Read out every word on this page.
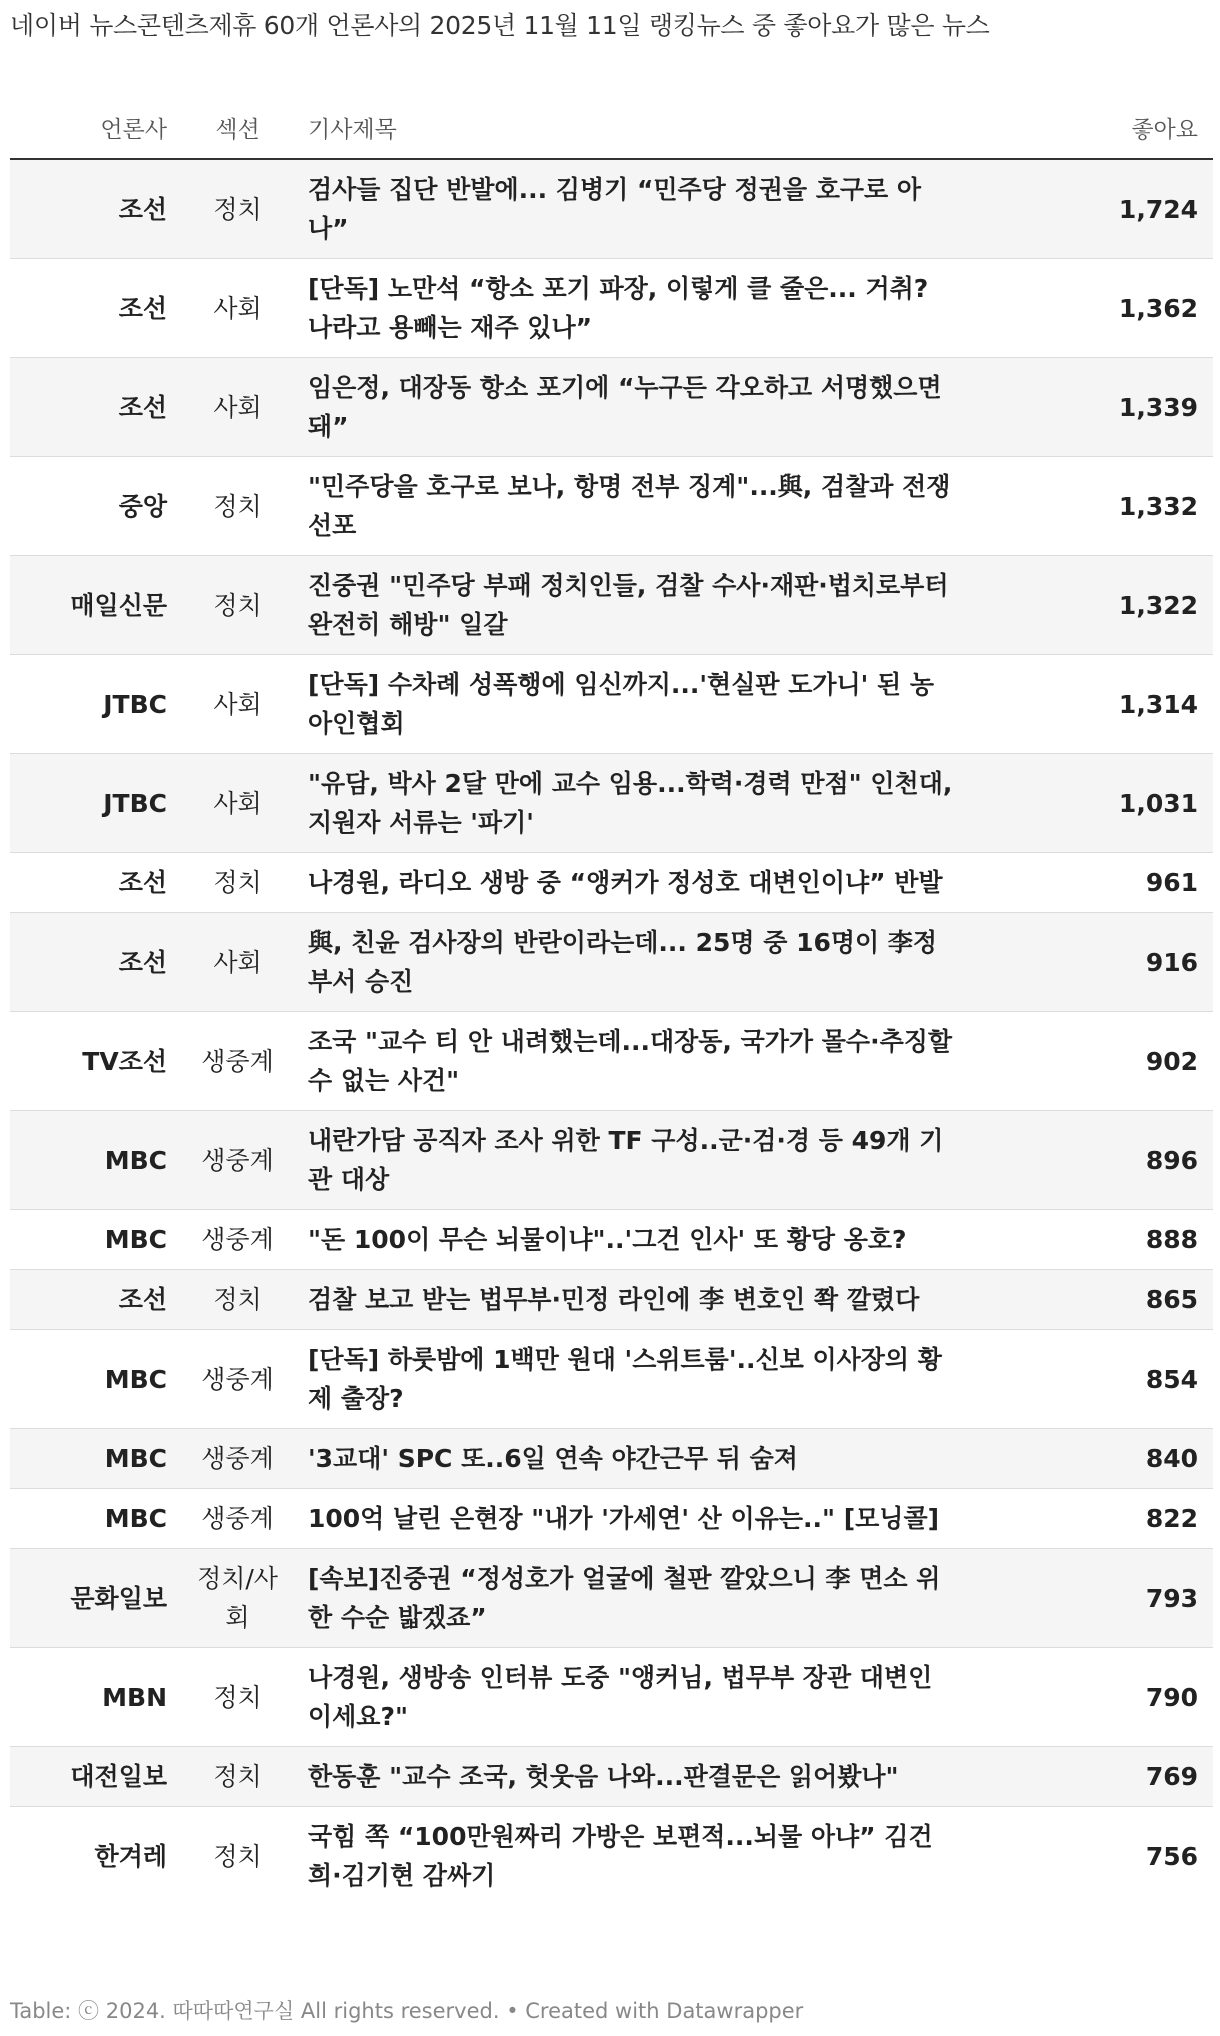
네이버 뉴스콘텐츠제휴 60개 언론사의 2025년 11월 11일 랭킹뉴스 중 좋아요가 많은 뉴스
언론사	섹션	기사제목	좋아요
조선	정치	검사들 집단 반발에... 김병기 “민주당 정권을 호구로 아나”	1,724
조선	사회	[단독] 노만석 “항소 포기 파장, 이렇게 클 줄은... 거취? 나라고 용빼는 재주 있나”	1,362
조선	사회	임은정, 대장동 항소 포기에 “누구든 각오하고 서명했으면 돼”	1,339
중앙	정치	"민주당을 호구로 보나, 항명 전부 징계"...與, 검찰과 전쟁 선포	1,332
매일신문	정치	진중권 "민주당 부패 정치인들, 검찰 수사·재판·법치로부터 완전히 해방" 일갈	1,322
JTBC	사회	[단독] 수차례 성폭행에 임신까지...'현실판 도가니' 된 농아인협회	1,314
JTBC	사회	"유담, 박사 2달 만에 교수 임용...학력·경력 만점" 인천대, 지원자 서류는 '파기'	1,031
조선	정치	나경원, 라디오 생방 중 “앵커가 정성호 대변인이냐” 반발	961
조선	사회	與, 친윤 검사장의 반란이라는데... 25명 중 16명이 李정부서 승진	916
TV조선	생중계	조국 "교수 티 안 내려했는데...대장동, 국가가 몰수·추징할 수 없는 사건"	902
MBC	생중계	내란가담 공직자 조사 위한 TF 구성..군·검·경 등 49개 기관 대상	896
MBC	생중계	"돈 100이 무슨 뇌물이냐"..'그건 인사' 또 황당 옹호?	888
조선	정치	검찰 보고 받는 법무부·민정 라인에 李 변호인 쫙 깔렸다	865
MBC	생중계	[단독] 하룻밤에 1백만 원대 '스위트룸'..신보 이사장의 황제 출장?	854
MBC	생중계	'3교대' SPC 또..6일 연속 야간근무 뒤 숨져	840
MBC	생중계	100억 날린 은현장 "내가 '가세연' 산 이유는.." [모닝콜]	822
문화일보	정치/사회	[속보]진중권 “정성호가 얼굴에 철판 깔았으니 李 면소 위한 수순 밟겠죠”	793
MBN	정치	나경원, 생방송 인터뷰 도중 "앵커님, 법무부 장관 대변인이세요?"	790
대전일보	정치	한동훈 "교수 조국, 헛웃음 나와...판결문은 읽어봤나"	769
한겨레	정치	국힘 쪽 “100만원짜리 가방은 보편적...뇌물 아냐” 김건희·김기현 감싸기	756
Table: ⓒ 2024. 따따따연구실 All rights reserved. • Created with Datawrapper
